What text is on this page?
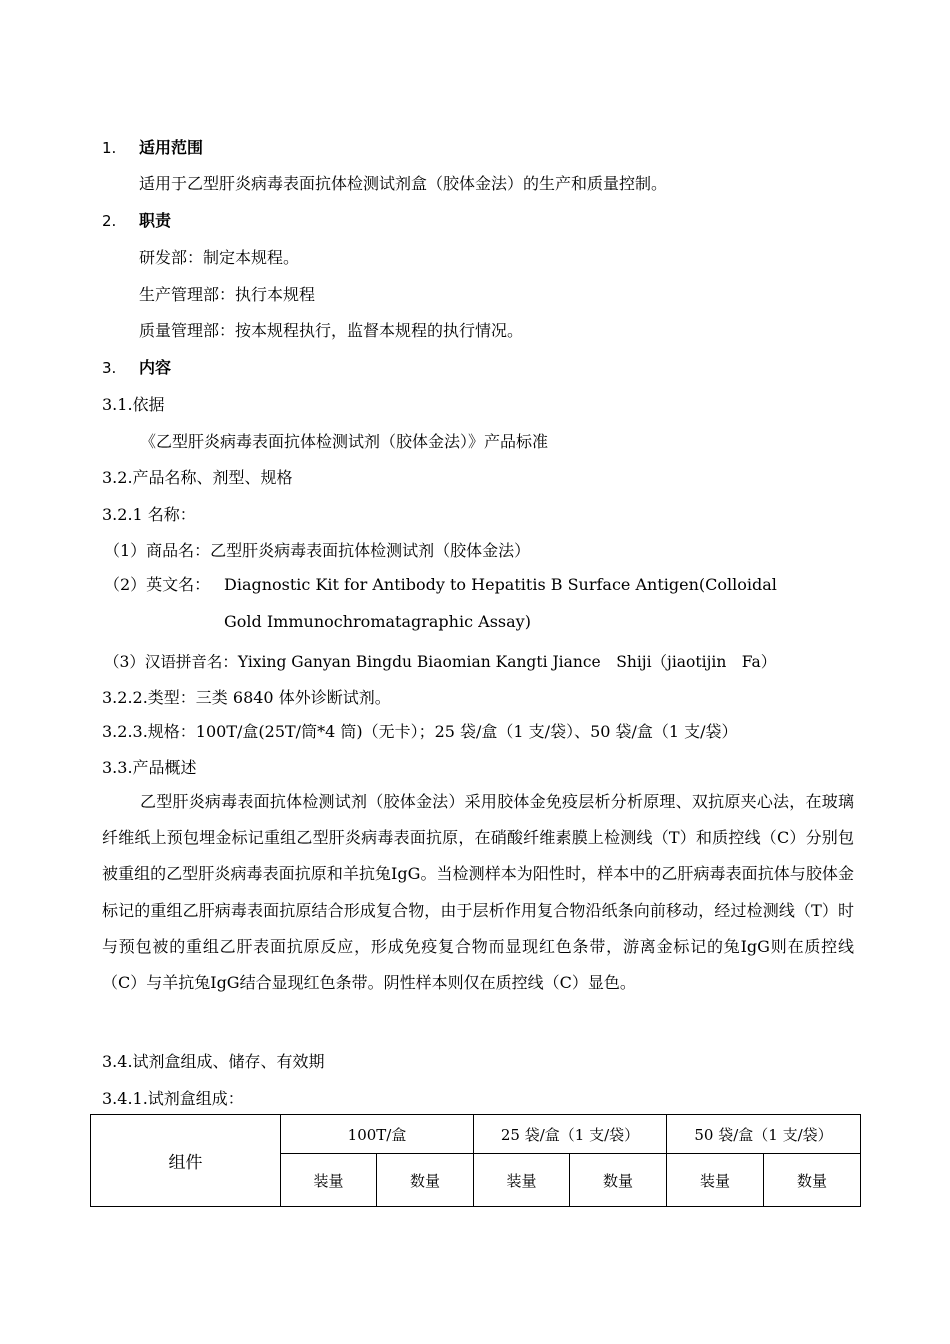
1. 适用范围
适用于乙型肝炎病毒表面抗体检测试剂盒（胶体金法）的生产和质量控制。
2. 职责
研发部：制定本规程。
生产管理部：执行本规程
质量管理部：按本规程执行，监督本规程的执行情况。
3. 内容
3.1.依据
《乙型肝炎病毒表面抗体检测试剂（胶体金法）》产品标准
3.2.产品名称、剂型、规格
3.2.1 名称：
（1）商品名：乙型肝炎病毒表面抗体检测试剂（胶体金法）
（2）英文名： Diagnostic Kit for Antibody to Hepatitis B Surface Antigen(Colloidal
Gold Immunochromatagraphic Assay)
（3）汉语拼音名：Yixing Ganyan Bingdu Biaomian Kangti Jiance　Shiji（jiaotijin　Fa）
3.2.2.类型：三类 6840 体外诊断试剂。
3.2.3.规格：100T/盒(25T/筒*4 筒)（无卡）；25 袋/盒（1 支/袋）、50 袋/盒（1 支/袋）
3.3.产品概述
乙型肝炎病毒表面抗体检测试剂（胶体金法）采用胶体金免疫层析分析原理、双抗原夹心法，在玻璃纤维纸上预包埋金标记重组乙型肝炎病毒表面抗原，在硝酸纤维素膜上检测线（T）和质控线（C）分别包被重组的乙型肝炎病毒表面抗原和羊抗兔IgG。当检测样本为阳性时，样本中的乙肝病毒表面抗体与胶体金标记的重组乙肝病毒表面抗原结合形成复合物，由于层析作用复合物沿纸条向前移动，经过检测线（T）时与预包被的重组乙肝表面抗原反应，形成免疫复合物而显现红色条带，游离金标记的兔IgG则在质控线（C）与羊抗兔IgG结合显现红色条带。阴性样本则仅在质控线（C）显色。
3.4.试剂盒组成、储存、有效期
3.4.1.试剂盒组成：
组件	100T/盒		25 袋/盒（1 支/袋）		50 袋/盒（1 支/袋）	
	装量	数量	装量	数量	装量	数量
